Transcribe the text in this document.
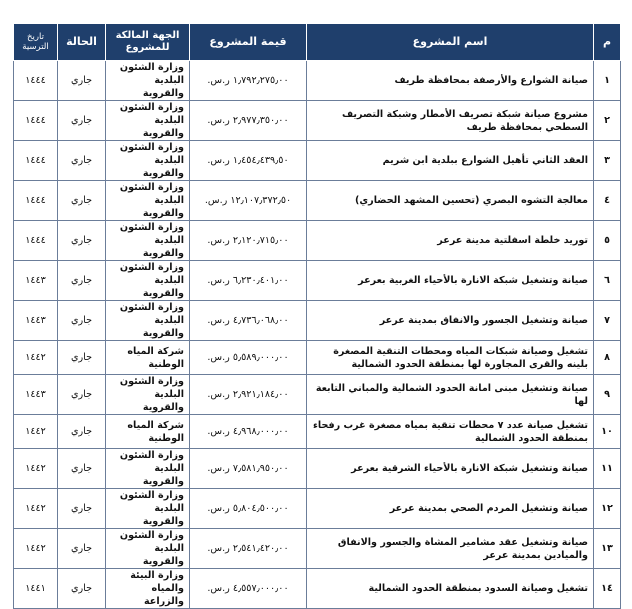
م	اسم المشروع	قيمة المشروع	الجهة المالكة للمشروع	الحالة	تاريخ الترسية
١	صيانة الشوارع والأرصفة بمحافظة طريف	١٫٧٩٢٫٢٧٥٫٠٠ ر.س.	وزارة الشئون البلدية والقروية	جاري	١٤٤٤
٢	مشروع صيانة شبكة تصريف الأمطار وشبكة التصريف السطحي بمحافظة طريف	٢٫٩٧٧٫٣٥٠٫٠٠ ر.س.	وزارة الشئون البلدية والقروية	جاري	١٤٤٤
٣	العقد الثاني تأهيل الشوارع ببلدية ابن شريم	١٫٤٥٤٫٤٣٩٫٥٠ ر.س.	وزارة الشئون البلدية والقروية	جاري	١٤٤٤
٤	معالجة التشوه البصري (تحسين المشهد الحضاري)	١٢٫١٠٧٫٣٧٢٫٥٠ ر.س.	وزارة الشئون البلدية والقروية	جاري	١٤٤٤
٥	توريد خلطة اسفلتية مدينة عرعر	٢٫١٢٠٫٧١٥٫٠٠ ر.س.	وزارة الشئون البلدية والقروية	جاري	١٤٤٤
٦	صيانة وتشغيل شبكة الانارة بالأحياء الغربية بعرعر	٦٫٢٣٠٫٤٠١٫٠٠ ر.س.	وزارة الشئون البلدية والقروية	جاري	١٤٤٣
٧	صيانة وتشغيل الجسور والانفاق بمدينة عرعر	٤٫٧٣٦٫٠٦٨٫٠٠ ر.س.	وزارة الشئون البلدية والقروية	جاري	١٤٤٣
٨	تشغيل وصيانة شبكات المياه ومحطات التنقية المصغرة بلينه والقرى المجاورة لها بمنطقة الحدود الشمالية	٥٫٥٨٩٫٠٠٠٫٠٠ ر.س.	شركة المياه الوطنية	جاري	١٤٤٢
٩	صيانة وتشغيل مبنى امانة الحدود الشمالية والمباني التابعة لها	٢٫٩٢١٫١٨٤٫٠٠ ر.س.	وزارة الشئون البلدية والقروية	جاري	١٤٤٣
١٠	تشغيل صيانة عدد ٧ محطات تنقية بمياه مصغرة غرب رفحاء بمنطقة الحدود الشمالية	٤٫٩٦٨٫٠٠٠٫٠٠ ر.س.	شركة المياه الوطنية	جاري	١٤٤٢
١١	صيانة وتشغيل شبكة الانارة بالأحياء الشرقية بعرعر	٧٫٥٨١٫٩٥٠٫٠٠ ر.س.	وزارة الشئون البلدية والقروية	جاري	١٤٤٢
١٢	صيانة وتشغيل المردم الصحي بمدينة عرعر	٥٫٨٠٤٫٥٠٠٫٠٠ ر.س.	وزارة الشئون البلدية والقروية	جاري	١٤٤٢
١٣	صيانة وتشغيل عقد مشامير المشاة والجسور والانفاق والميادين بمدينة عرعر	٢٫٥٤١٫٤٢٠٫٠٠ ر.س.	وزارة الشئون البلدية والقروية	جاري	١٤٤٢
١٤	تشغيل وصيانة السدود بمنطقة الحدود الشمالية	٤٫٥٥٧٫٠٠٠٫٠٠ ر.س.	وزارة البيئة والمياه والزراعة	جاري	١٤٤١
